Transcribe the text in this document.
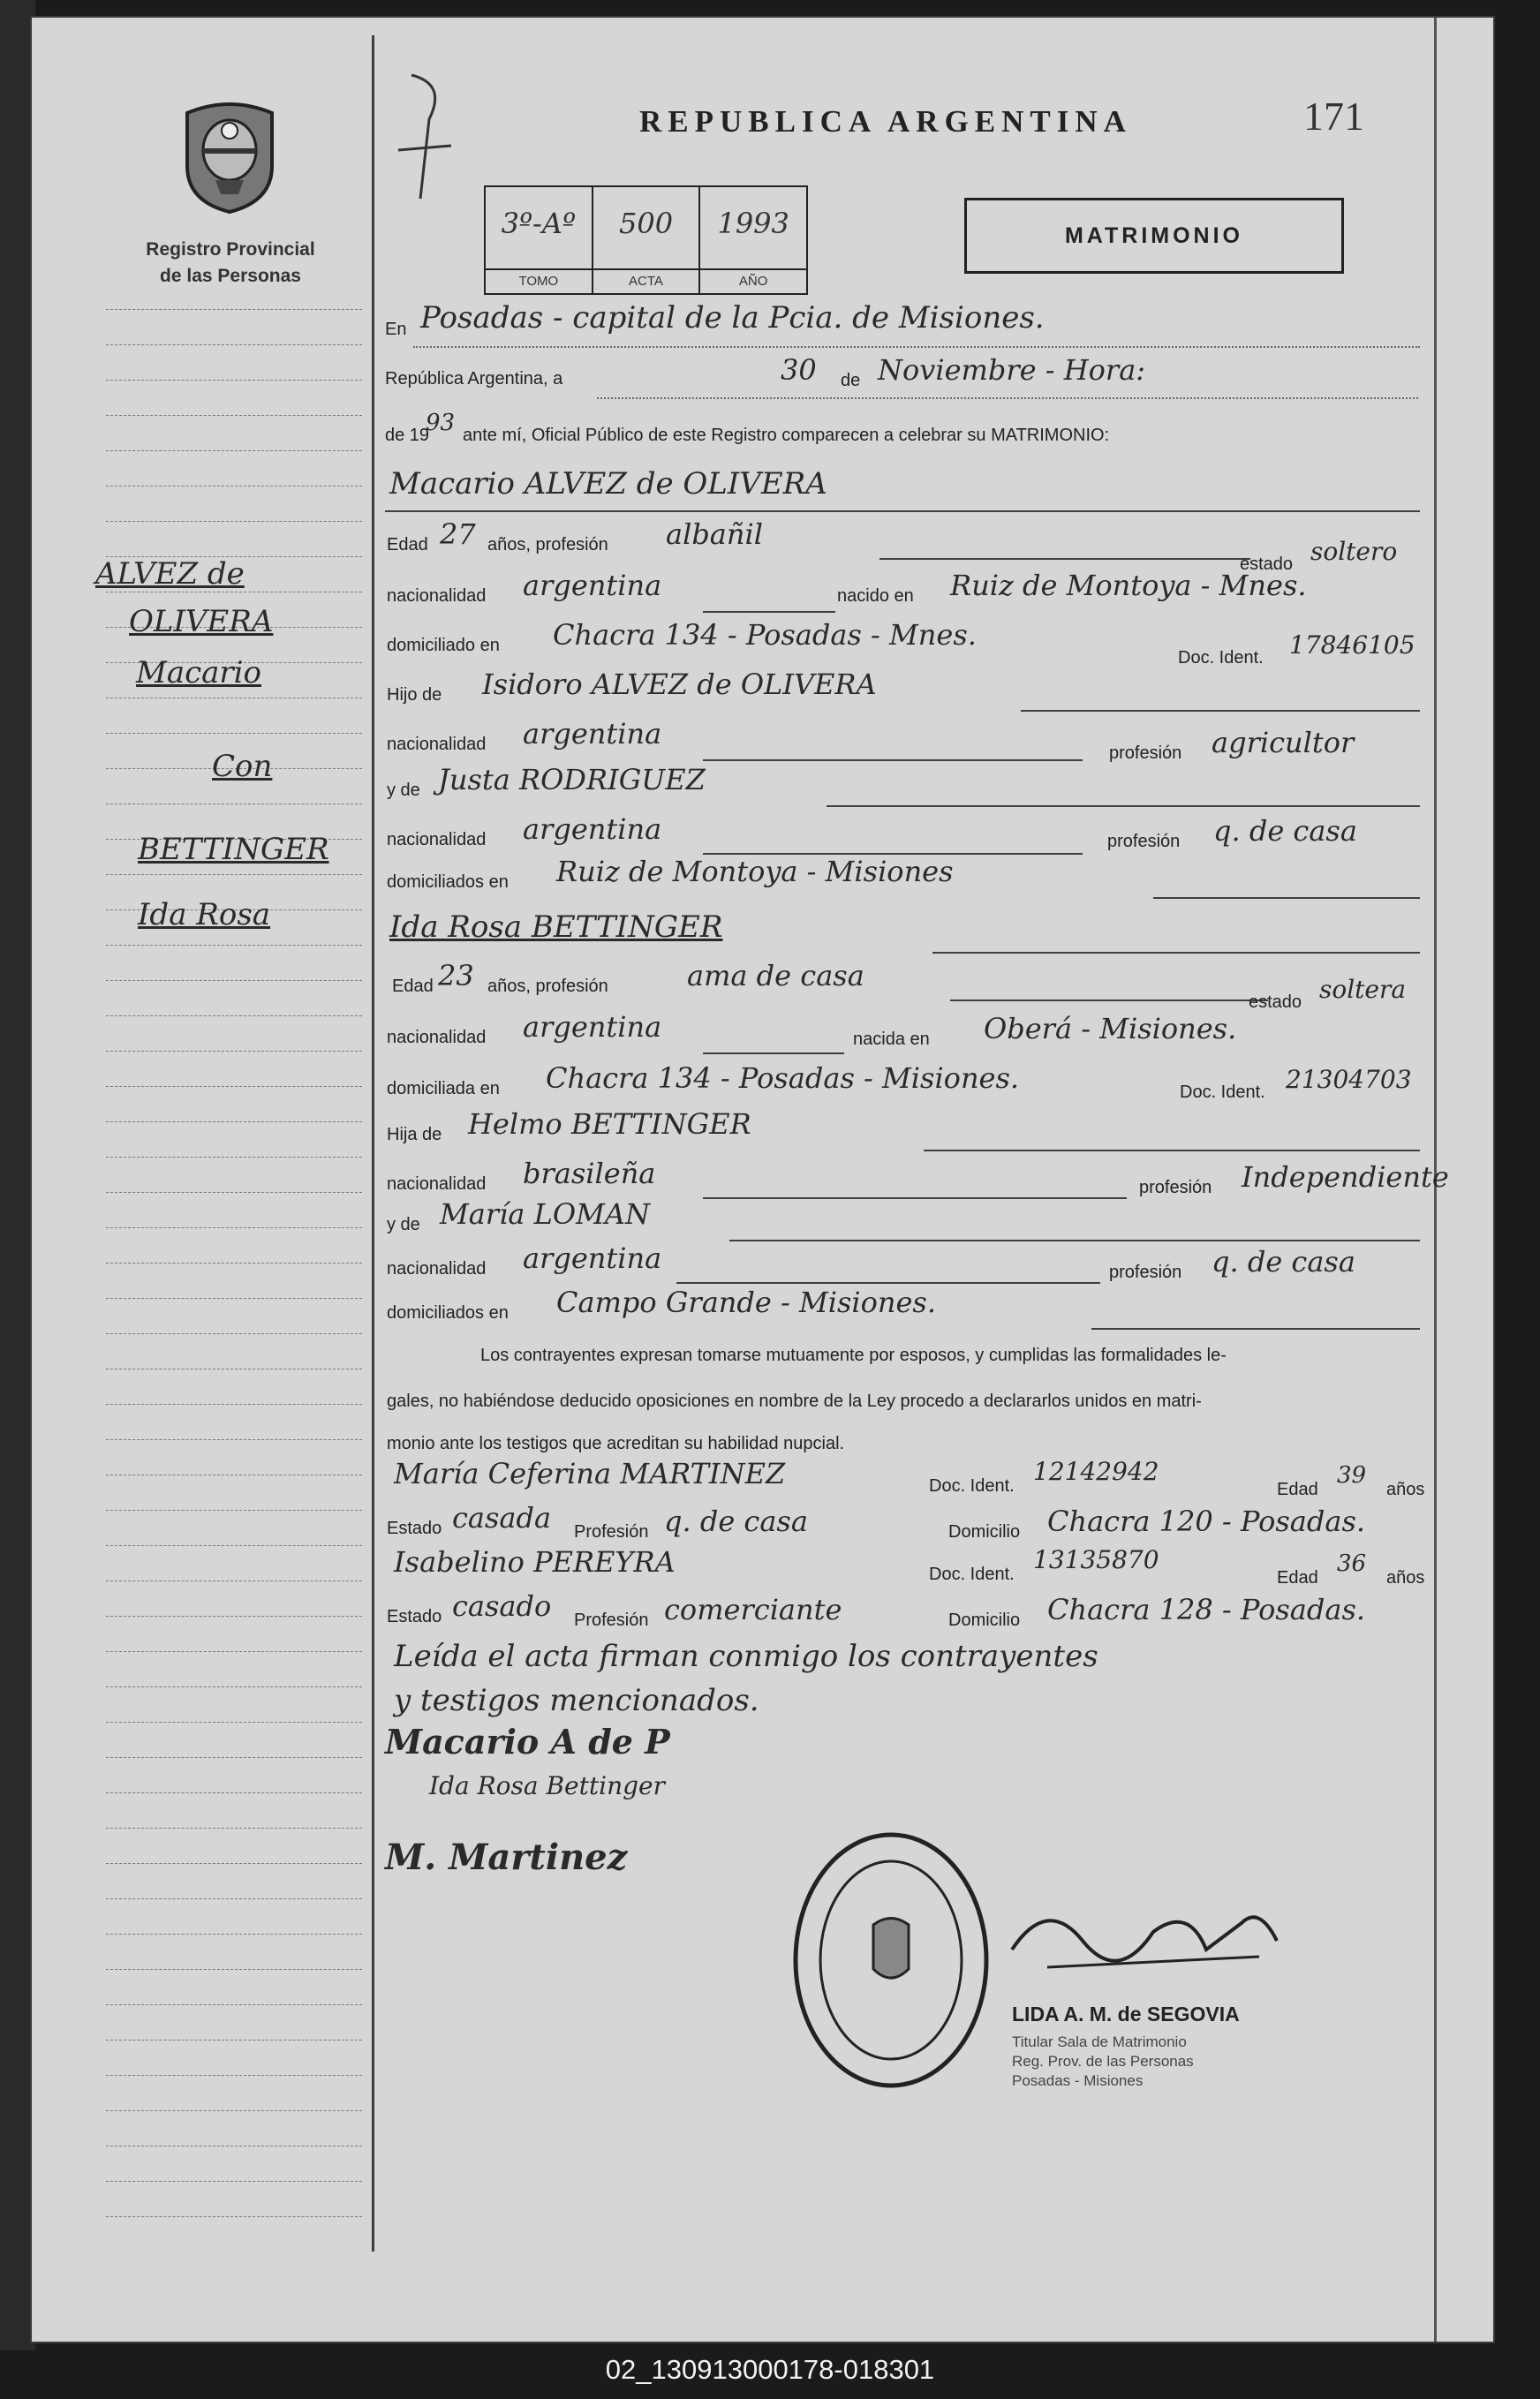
Registro Provincial
de las Personas
REPUBLICA ARGENTINA	171
3º-Aº
TOMO
500
ACTA
1993
AÑO
MATRIMONIO
En Posadas - capital de la Pcia. de Misiones.
República Argentina, a	30 de Noviembre - Hora:
de 19
93 ante mí, Oficial Público de este Registro comparecen a celebrar su MATRIMONIO:
Macario ALVEZ de OLIVERA
Edad 27 años, profesión albañil
estado soltero
nacionalidad argentina	nacido en Ruiz de Montoya - Mnes.
domiciliado en Chacra 134 - Posadas - Mnes.
Doc. Ident. 17846105
Hijo de Isidoro ALVEZ de OLIVERA
nacionalidad argentina
profesión agricultor
y de Justa RODRIGUEZ
nacionalidad argentina	profesión q. de casa
domiciliados en Ruiz de Montoya - Misiones
Ida Rosa BETTINGER
Edad 23 años, profesión	ama de casa
estado soltera
nacionalidad argentina	nacida en Oberá - Misiones.
domiciliada en Chacra 134 - Posadas - Misiones.	Doc. Ident. 21304703
Hija de Helmo BETTINGER
nacionalidad brasileña	profesión Independiente
y de María LOMAN
nacionalidad argentina	profesión q. de casa
domiciliados en Campo Grande - Misiones.
Los contrayentes expresan tomarse mutuamente por esposos, y cumplidas las formalidades le-
gales, no habiéndose deducido oposiciones en nombre de la Ley procedo a declararlos unidos en matri-
monio ante los testigos que acreditan su habilidad nupcial.
María Ceferina MARTINEZ	Doc. Ident. 12142942
Edad
39
años
Estado casada Profesión q. de casa	Domicilio Chacra 120 - Posadas.
Isabelino PEREYRA	Doc. Ident. 13135870
Edad
36
años
Estado casado Profesión comerciante	Domicilio Chacra 128 - Posadas.
Leída el acta firman conmigo los contrayentes
y testigos mencionados.
Macario A de P
Ida Rosa Bettinger
M. Martinez
ALVEZ de
OLIVERA
Macario
Con
BETTINGER
Ida Rosa
LIDA A. M. de SEGOVIA
Titular Sala de Matrimonio
Reg. Prov. de las Personas
Posadas - Misiones
02_130913000178-018301
